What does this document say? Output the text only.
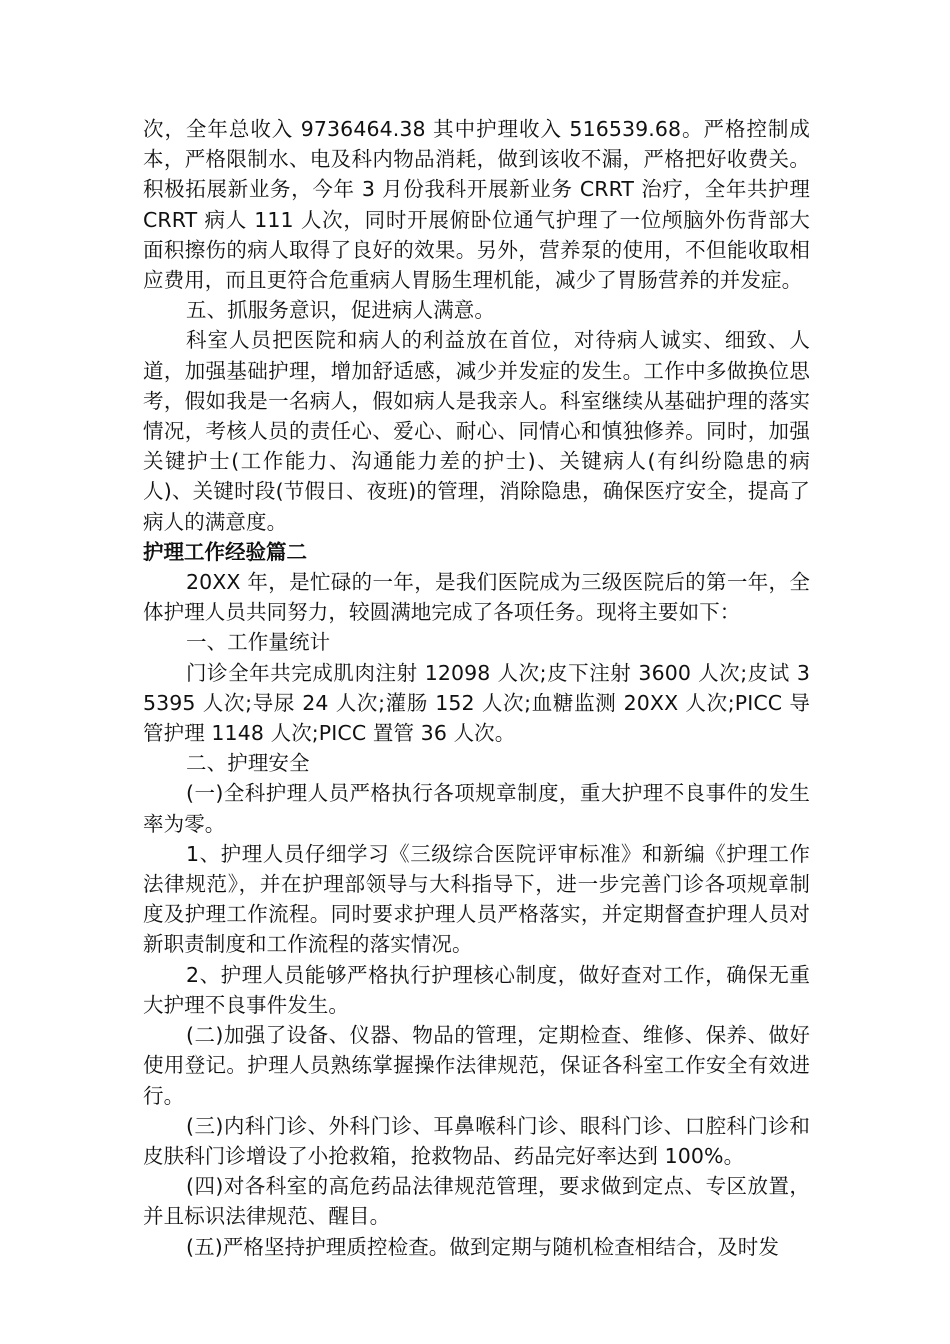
次，全年总收入 9736464.38 其中护理收入 516539.68。严格控制成本，严格限制水、电及科内物品消耗，做到该收不漏，严格把好收费关。积极拓展新业务，今年 3 月份我科开展新业务 CRRT 治疗，全年共护理 CRRT 病人 111 人次，同时开展俯卧位通气护理了一位颅脑外伤背部大面积擦伤的病人取得了良好的效果。另外，营养泵的使用，不但能收取相应费用，而且更符合危重病人胃肠生理机能，减少了胃肠营养的并发症。

五、抓服务意识，促进病人满意。

科室人员把医院和病人的利益放在首位，对待病人诚实、细致、人道，加强基础护理，增加舒适感，减少并发症的发生。工作中多做换位思考，假如我是一名病人，假如病人是我亲人。科室继续从基础护理的落实情况，考核人员的责任心、爱心、耐心、同情心和慎独修养。同时，加强关键护士(工作能力、沟通能力差的护士)、关键病人(有纠纷隐患的病人)、关键时段(节假日、夜班)的管理，消除隐患，确保医疗安全，提高了病人的满意度。

护理工作经验篇二

20XX 年，是忙碌的一年，是我们医院成为三级医院后的第一年，全体护理人员共同努力，较圆满地完成了各项任务。现将主要如下：

一、工作量统计

门诊全年共完成肌肉注射 12098 人次;皮下注射 3600 人次;皮试 35395 人次;导尿 24 人次;灌肠 152 人次;血糖监测 20XX 人次;PICC 导管护理 1148 人次;PICC 置管 36 人次。

二、护理安全

(一)全科护理人员严格执行各项规章制度，重大护理不良事件的发生率为零。

1、护理人员仔细学习《三级综合医院评审标准》和新编《护理工作法律规范》，并在护理部领导与大科指导下，进一步完善门诊各项规章制度及护理工作流程。同时要求护理人员严格落实，并定期督查护理人员对新职责制度和工作流程的落实情况。

2、护理人员能够严格执行护理核心制度，做好查对工作，确保无重大护理不良事件发生。

(二)加强了设备、仪器、物品的管理，定期检查、维修、保养、做好使用登记。护理人员熟练掌握操作法律规范，保证各科室工作安全有效进行。

(三)内科门诊、外科门诊、耳鼻喉科门诊、眼科门诊、口腔科门诊和皮肤科门诊增设了小抢救箱，抢救物品、药品完好率达到 100%。

(四)对各科室的高危药品法律规范管理，要求做到定点、专区放置，并且标识法律规范、醒目。

(五)严格坚持护理质控检查。做到定期与随机检查相结合，及时发
